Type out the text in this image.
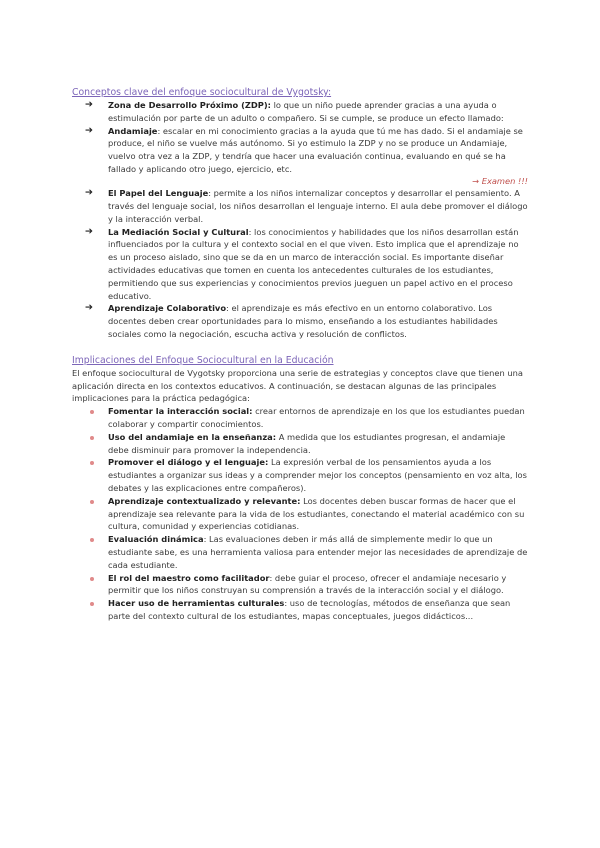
Conceptos clave del enfoque sociocultural de Vygotsky:

➔ Zona de Desarrollo Próximo (ZDP): lo que un niño puede aprender gracias a una ayuda o estimulación por parte de un adulto o compañero. Si se cumple, se produce un efecto llamado:
➔ Andamiaje: escalar en mi conocimiento gracias a la ayuda que tú me has dado. Si el andamiaje se produce, el niño se vuelve más autónomo. Si yo estimulo la ZDP y no se produce un Andamiaje, vuelvo otra vez a la ZDP, y tendría que hacer una evaluación continua, evaluando en qué se ha fallado y aplicando otro juego, ejercicio, etc.
→ Examen !!!
➔ El Papel del Lenguaje: permite a los niños internalizar conceptos y desarrollar el pensamiento. A través del lenguaje social, los niños desarrollan el lenguaje interno. El aula debe promover el diálogo y la interacción verbal.
➔ La Mediación Social y Cultural: los conocimientos y habilidades que los niños desarrollan están influenciados por la cultura y el contexto social en el que viven. Esto implica que el aprendizaje no es un proceso aislado, sino que se da en un marco de interacción social. Es importante diseñar actividades educativas que tomen en cuenta los antecedentes culturales de los estudiantes, permitiendo que sus experiencias y conocimientos previos jueguen un papel activo en el proceso educativo.
➔ Aprendizaje Colaborativo: el aprendizaje es más efectivo en un entorno colaborativo. Los docentes deben crear oportunidades para lo mismo, enseñando a los estudiantes habilidades sociales como la negociación, escucha activa y resolución de conflictos.

Implicaciones del Enfoque Sociocultural en la Educación

El enfoque sociocultural de Vygotsky proporciona una serie de estrategias y conceptos clave que tienen una aplicación directa en los contextos educativos. A continuación, se destacan algunas de las principales implicaciones para la práctica pedagógica:

Fomentar la interacción social: crear entornos de aprendizaje en los que los estudiantes puedan colaborar y compartir conocimientos.
Uso del andamiaje en la enseñanza: A medida que los estudiantes progresan, el andamiaje debe disminuir para promover la independencia.
Promover el diálogo y el lenguaje: La expresión verbal de los pensamientos ayuda a los estudiantes a organizar sus ideas y a comprender mejor los conceptos (pensamiento en voz alta, los debates y las explicaciones entre compañeros).
Aprendizaje contextualizado y relevante: Los docentes deben buscar formas de hacer que el aprendizaje sea relevante para la vida de los estudiantes, conectando el material académico con su cultura, comunidad y experiencias cotidianas.
Evaluación dinámica: Las evaluaciones deben ir más allá de simplemente medir lo que un estudiante sabe, es una herramienta valiosa para entender mejor las necesidades de aprendizaje de cada estudiante.
El rol del maestro como facilitador: debe guiar el proceso, ofrecer el andamiaje necesario y permitir que los niños construyan su comprensión a través de la interacción social y el diálogo.
Hacer uso de herramientas culturales: uso de tecnologías, métodos de enseñanza que sean parte del contexto cultural de los estudiantes, mapas conceptuales, juegos didácticos...
